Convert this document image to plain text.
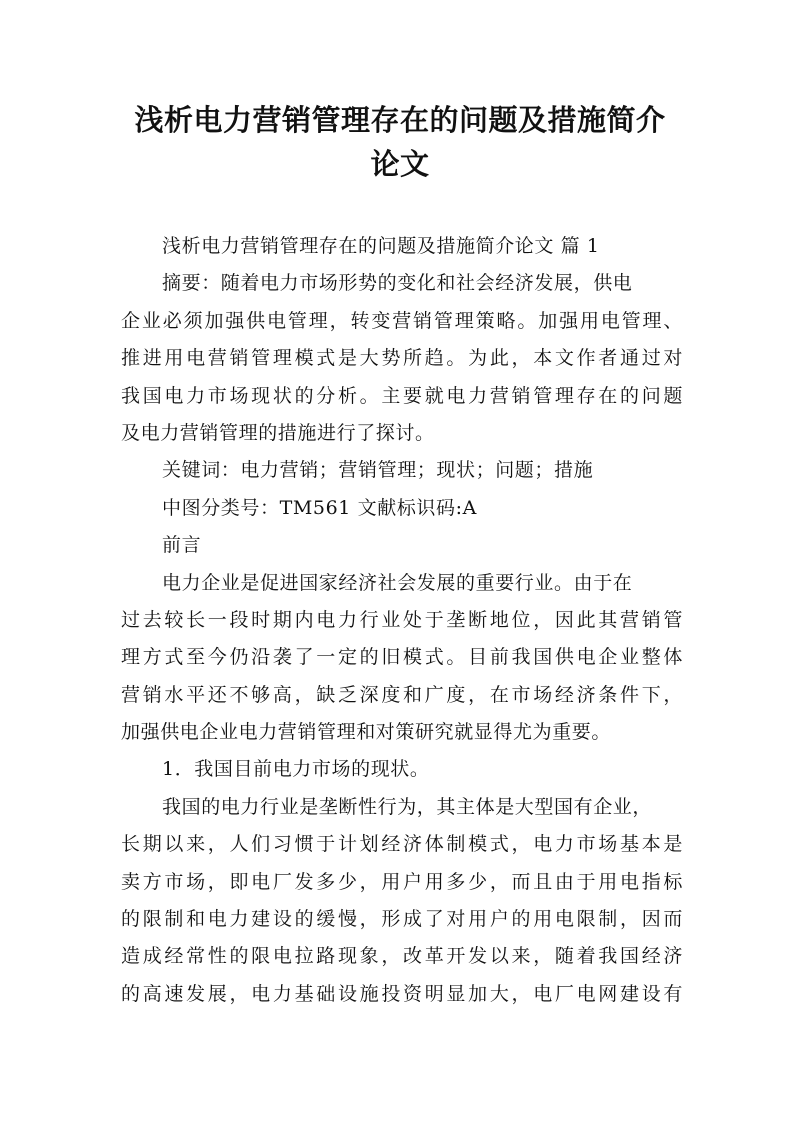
浅析电力营销管理存在的问题及措施简介
论文
浅析电力营销管理存在的问题及措施简介论文 篇 1
摘要：随着电力市场形势的变化和社会经济发展，供电
企业必须加强供电管理，转变营销管理策略。加强用电管理、
推进用电营销管理模式是大势所趋。为此，本文作者通过对
我国电力市场现状的分析。主要就电力营销管理存在的问题
及电力营销管理的措施进行了探讨。
关键词：电力营销；营销管理；现状；问题；措施
中图分类号：TM561 文献标识码:A
前言
电力企业是促进国家经济社会发展的重要行业。由于在
过去较长一段时期内电力行业处于垄断地位，因此其营销管
理方式至今仍沿袭了一定的旧模式。目前我国供电企业整体
营销水平还不够高，缺乏深度和广度，在市场经济条件下，
加强供电企业电力营销管理和对策研究就显得尤为重要。
1．我国目前电力市场的现状。
我国的电力行业是垄断性行为，其主体是大型国有企业，
长期以来，人们习惯于计划经济体制模式，电力市场基本是
卖方市场，即电厂发多少，用户用多少，而且由于用电指标
的限制和电力建设的缓慢，形成了对用户的用电限制，因而
造成经常性的限电拉路现象，改革开发以来，随着我国经济
的高速发展，电力基础设施投资明显加大，电厂电网建设有
